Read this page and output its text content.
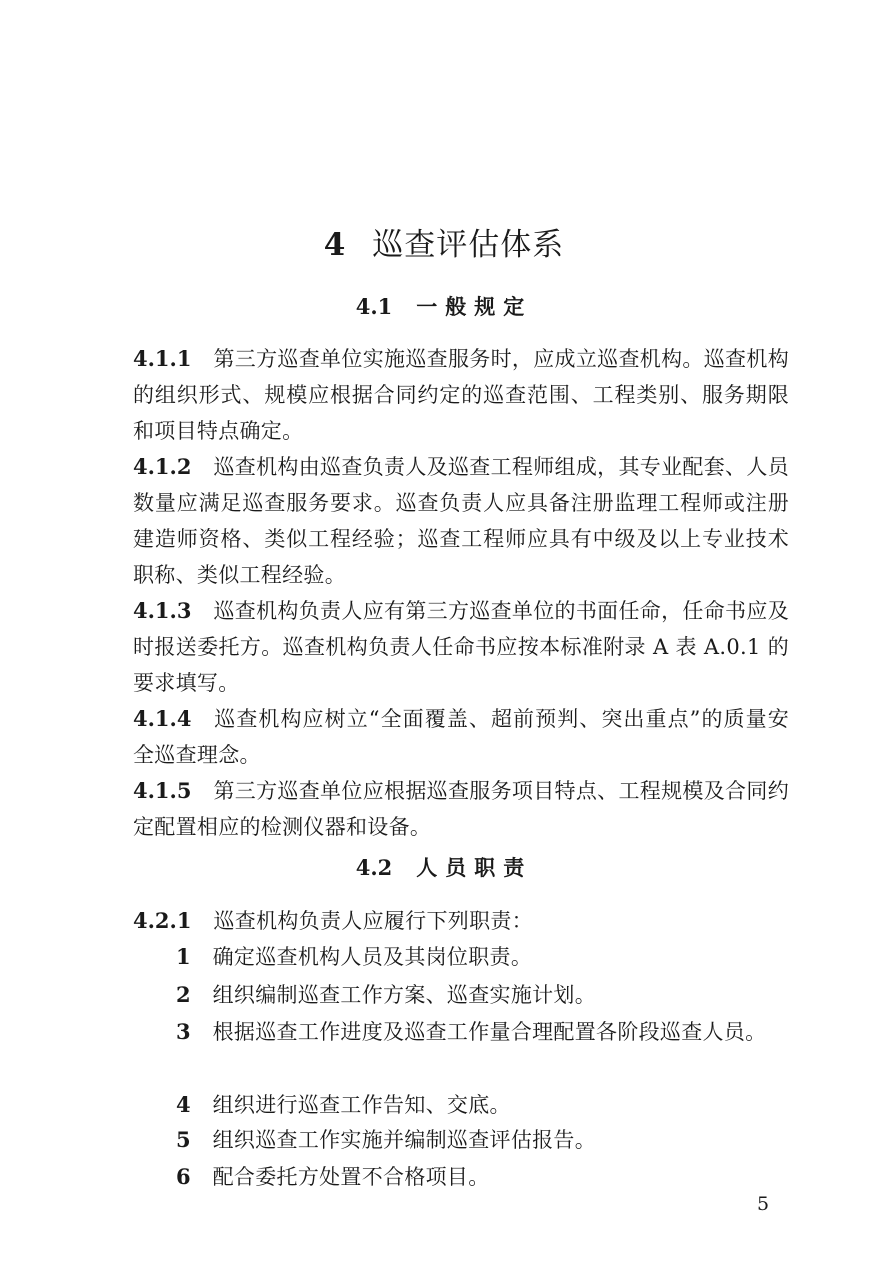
4 巡查评估体系
4.1 一般规定
4.1.1 第三方巡查单位实施巡查服务时，应成立巡查机构。巡查机构的组织形式、规模应根据合同约定的巡查范围、工程类别、服务期限和项目特点确定。
4.1.2 巡查机构由巡查负责人及巡查工程师组成，其专业配套、人员数量应满足巡查服务要求。巡查负责人应具备注册监理工程师或注册建造师资格、类似工程经验；巡查工程师应具有中级及以上专业技术职称、类似工程经验。
4.1.3 巡查机构负责人应有第三方巡查单位的书面任命，任命书应及时报送委托方。巡查机构负责人任命书应按本标准附录 A 表 A.0.1 的要求填写。
4.1.4 巡查机构应树立“全面覆盖、超前预判、突出重点”的质量安全巡查理念。
4.1.5 第三方巡查单位应根据巡查服务项目特点、工程规模及合同约定配置相应的检测仪器和设备。
4.2 人员职责
4.2.1 巡查机构负责人应履行下列职责：
1 确定巡查机构人员及其岗位职责。
2 组织编制巡查工作方案、巡查实施计划。
3 根据巡查工作进度及巡查工作量合理配置各阶段巡查人员。
4 组织进行巡查工作告知、交底。
5 组织巡查工作实施并编制巡查评估报告。
6 配合委托方处置不合格项目。
5
